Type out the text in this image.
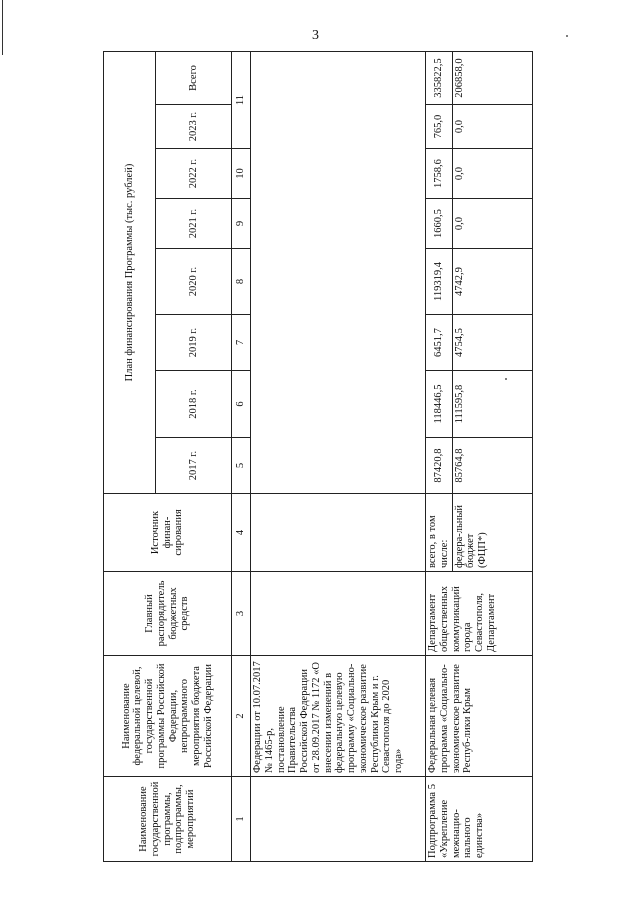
3
Наименование государственной программы, подпрограммы, мероприятий	Наименование федеральной целевой, государственной программы Российской Федерации, непрограммного мероприятия бюджета Российской Федерации	Главный распорядитель бюджетных средств	Источник финан-сирования	План финансирования Программы (тыс. рублей)							
				2017 г.	2018 г.	2019 г.	2020 г.	2021 г.	2022 г.	2023 г.	Всего
1	2	3	4	5	6	7	8	9	10	11	
	Федерации от 10.07.2017 № 1465-р, постановление Правительства Российской Федерации от 28.09.2017 № 1172 «О внесении изменений в федеральную целевую программу «Социально-экономическое развитие Республики Крым и г. Севастополя до 2020 года»										
Подпрограмма 5 «Укрепление межнацио-нального единства»	Федеральная целевая программа «Социально-экономическое развитие Респуб-лики Крым	Департамент общественных коммуникаций города Севастополя, Департамент	всего, в том числе:	87420,8	118446,5	6451,7	119319,4	1660,5	1758,6	765,0	335822,5
			федера-льный бюджет (ФЦП*)	85764,8	111595,8	4754,5	4742,9	0,0	0,0	0,0	206858,0
